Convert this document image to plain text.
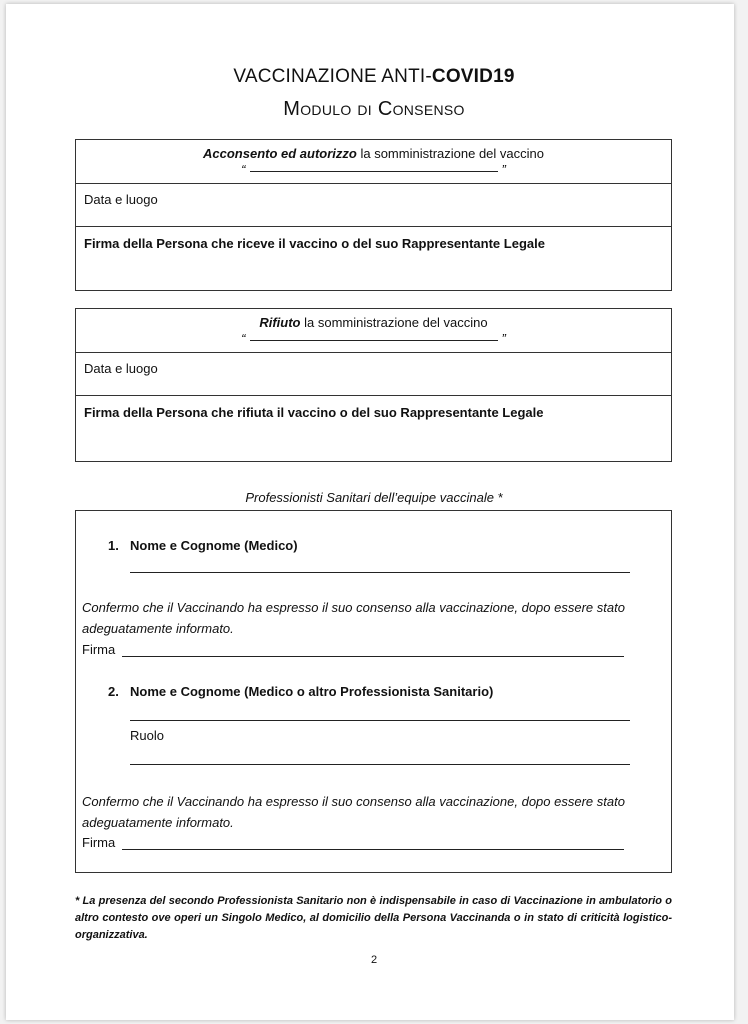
VACCINAZIONE ANTI-COVID19
Modulo di Consenso
Acconsento ed autorizzo la somministrazione del vaccino
“	”
Data e luogo
Firma della Persona che riceve il vaccino o del suo Rappresentante Legale
Rifiuto la somministrazione del vaccino
“	”
Data e luogo
Firma della Persona che rifiuta il vaccino o del suo Rappresentante Legale
Professionisti Sanitari dell’equipe vaccinale *
1. Nome e Cognome (Medico)
Confermo che il Vaccinando ha espresso il suo consenso alla vaccinazione, dopo essere stato
adeguatamente informato.
Firma
2. Nome e Cognome (Medico o altro Professionista Sanitario)
Ruolo
Confermo che il Vaccinando ha espresso il suo consenso alla vaccinazione, dopo essere stato
adeguatamente informato.
Firma
* La presenza del secondo Professionista Sanitario non è indispensabile in caso di Vaccinazione in ambulatorio o altro contesto ove operi un Singolo Medico, al domicilio della Persona Vaccinanda o in stato di criticità logistico-organizzativa.
2
